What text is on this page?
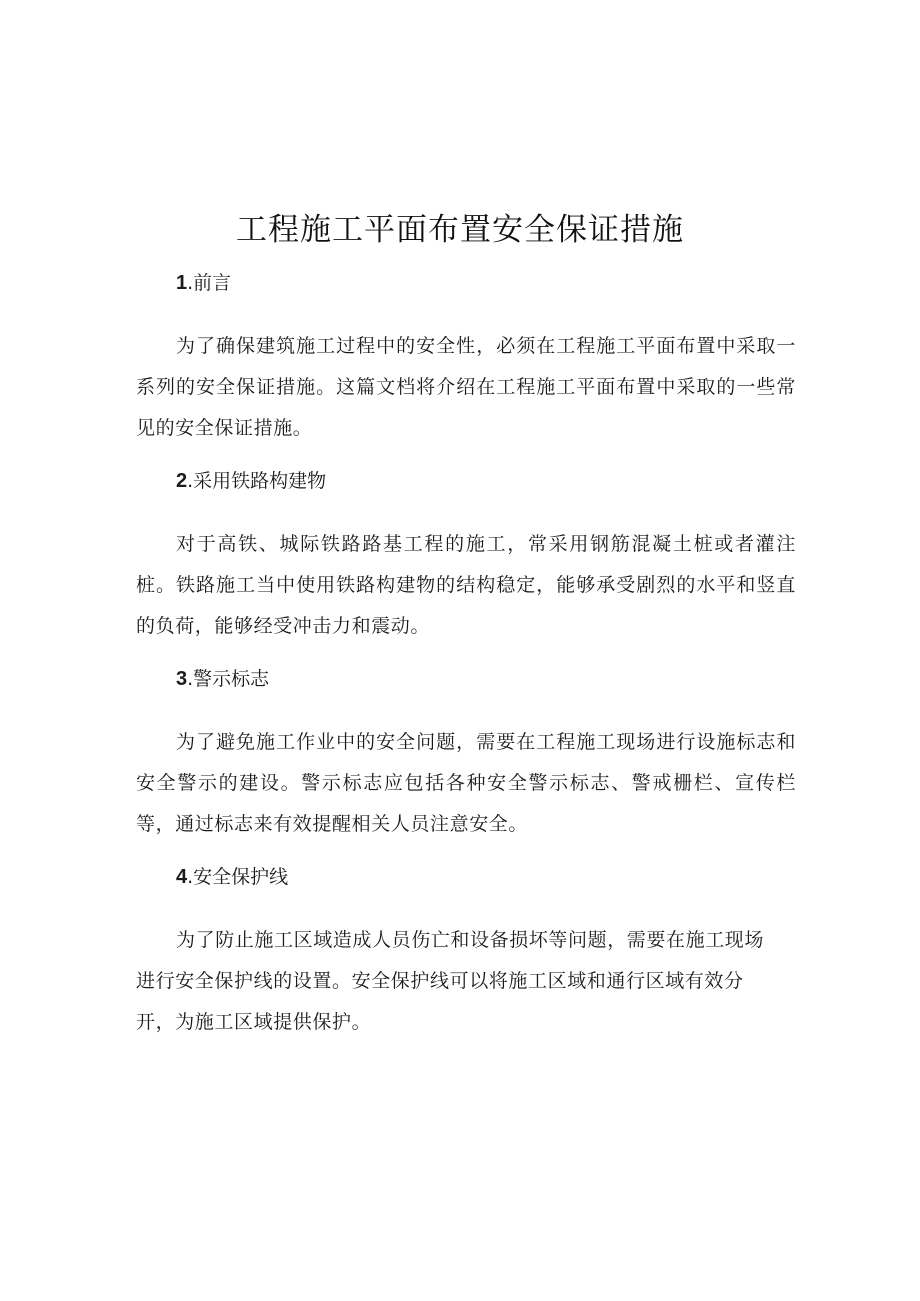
工程施工平面布置安全保证措施
1.前言

为了确保建筑施工过程中的安全性，必须在工程施工平面布置中采取一系列的安全保证措施。这篇文档将介绍在工程施工平面布置中采取的一些常见的安全保证措施。

2.采用铁路构建物

对于高铁、城际铁路路基工程的施工，常采用钢筋混凝土桩或者灌注桩。铁路施工当中使用铁路构建物的结构稳定，能够承受剧烈的水平和竖直的负荷，能够经受冲击力和震动。

3.警示标志

为了避免施工作业中的安全问题，需要在工程施工现场进行设施标志和安全警示的建设。警示标志应包括各种安全警示标志、警戒栅栏、宣传栏等，通过标志来有效提醒相关人员注意安全。

4.安全保护线

为了防止施工区域造成人员伤亡和设备损坏等问题，需要在施工现场进行安全保护线的设置。安全保护线可以将施工区域和通行区域有效分开，为施工区域提供保护。
